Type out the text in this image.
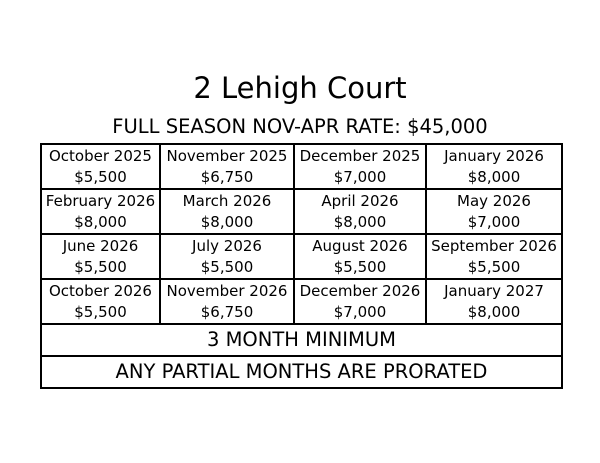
2 Lehigh Court
FULL SEASON NOV-APR RATE: $45,000
October 2025
$5,500	November 2025
$6,750	December 2025
$7,000	January 2026
$8,000

February 2026
$8,000	March 2026
$8,000	April 2026
$8,000	May 2026
$7,000

June 2026
$5,500	July 2026
$5,500	August 2026
$5,500	September 2026
$5,500

October 2026
$5,500	November 2026
$6,750	December 2026
$7,000	January 2027
$8,000

3 MONTH MINIMUM			
ANY PARTIAL MONTHS ARE PRORATED			
